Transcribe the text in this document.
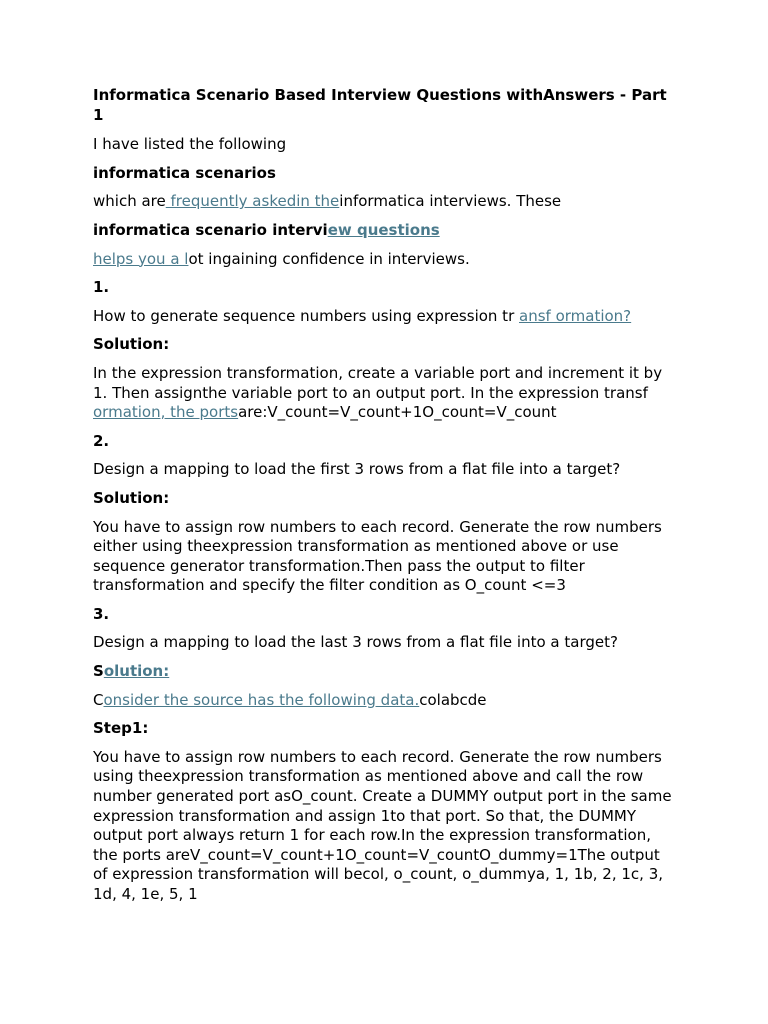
Informatica Scenario Based Interview Questions withAnswers - Part 1

I have listed the following

informatica scenarios

which are frequently askedin theinformatica interviews. These

informatica scenario interview questions

helps you a lot ingaining confidence in interviews.

1.

How to generate sequence numbers using expression tr ansf ormation?

Solution:

In the expression transformation, create a variable port and increment it by 1. Then assignthe variable port to an output port. In the expression transf ormation, the portsare:V_count=V_count+1O_count=V_count

2.

Design a mapping to load the first 3 rows from a flat file into a target?

Solution:

You have to assign row numbers to each record. Generate the row numbers either using theexpression transformation as mentioned above or use sequence generator transformation.Then pass the output to filter transformation and specify the filter condition as O_count <=3

3.

Design a mapping to load the last 3 rows from a flat file into a target?

Solution:

Consider the source has the following data.colabcde

Step1:

You have to assign row numbers to each record. Generate the row numbers using theexpression transformation as mentioned above and call the row number generated port asO_count. Create a DUMMY output port in the same expression transformation and assign 1to that port. So that, the DUMMY output port always return 1 for each row.In the expression transformation, the ports areV_count=V_count+1O_count=V_countO_dummy=1The output of expression transformation will becol, o_count, o_dummya, 1, 1b, 2, 1c, 3, 1d, 4, 1e, 5, 1
